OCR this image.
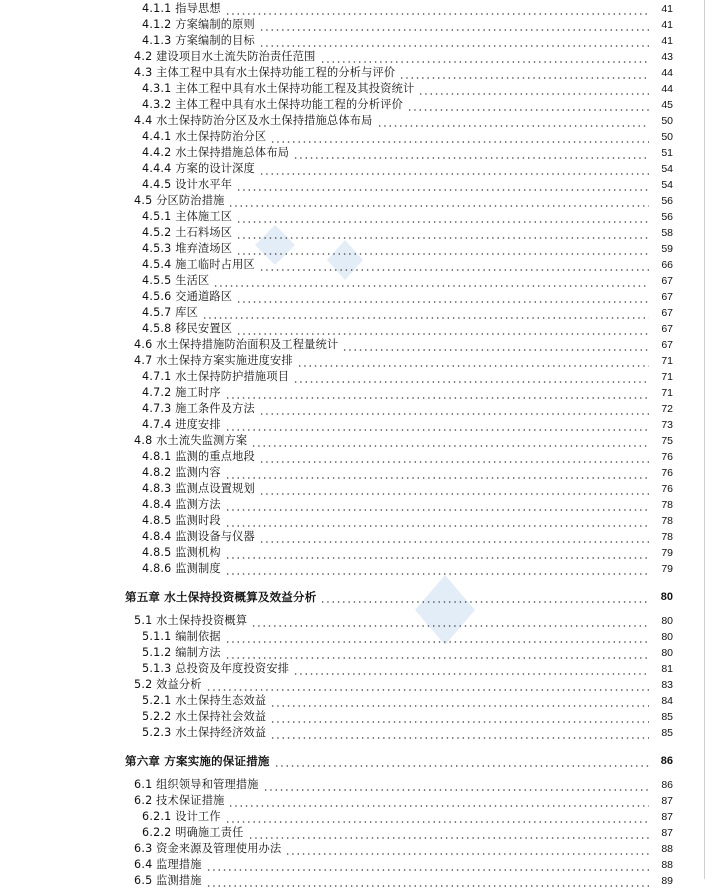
4.1.1 指导思想	41
4.1.2 方案编制的原则	41
4.1.3 方案编制的目标	41
4.2 建设项目水土流失防治责任范围	43
4.3 主体工程中具有水土保持功能工程的分析与评价	44
4.3.1 主体工程中具有水土保持功能工程及其投资统计	44
4.3.2 主体工程中具有水土保持功能工程的分析评价	45
4.4 水土保持防治分区及水土保持措施总体布局	50
4.4.1 水土保持防治分区	50
4.4.2 水土保持措施总体布局	51
4.4.4 方案的设计深度	54
4.4.5 设计水平年	54
4.5 分区防治措施	56
4.5.1 主体施工区	56
4.5.2 土石料场区	58
4.5.3 堆弃渣场区	59
4.5.4 施工临时占用区	66
4.5.5 生活区	67
4.5.6 交通道路区	67
4.5.7 库区	67
4.5.8 移民安置区	67
4.6 水土保持措施防治面积及工程量统计	67
4.7 水土保持方案实施进度安排	71
4.7.1 水土保持防护措施项目	71
4.7.2 施工时序	71
4.7.3 施工条件及方法	72
4.7.4 进度安排	73
4.8 水土流失监测方案	75
4.8.1 监测的重点地段	76
4.8.2 监测内容	76
4.8.3 监测点设置规划	76
4.8.4 监测方法	78
4.8.5 监测时段	78
4.8.4 监测设备与仪器	78
4.8.5 监测机构	79
4.8.6 监测制度	79
第五章 水土保持投资概算及效益分析	80
5.1 水土保持投资概算	80
5.1.1 编制依据	80
5.1.2 编制方法	80
5.1.3 总投资及年度投资安排	81
5.2 效益分析	83
5.2.1 水土保持生态效益	84
5.2.2 水土保持社会效益	85
5.2.3 水土保持经济效益	85
第六章 方案实施的保证措施	86
6.1 组织领导和管理措施	86
6.2 技术保证措施	87
6.2.1 设计工作	87
6.2.2 明确施工责任	87
6.3 资金来源及管理使用办法	88
6.4 监理措施	88
6.5 监测措施	89
